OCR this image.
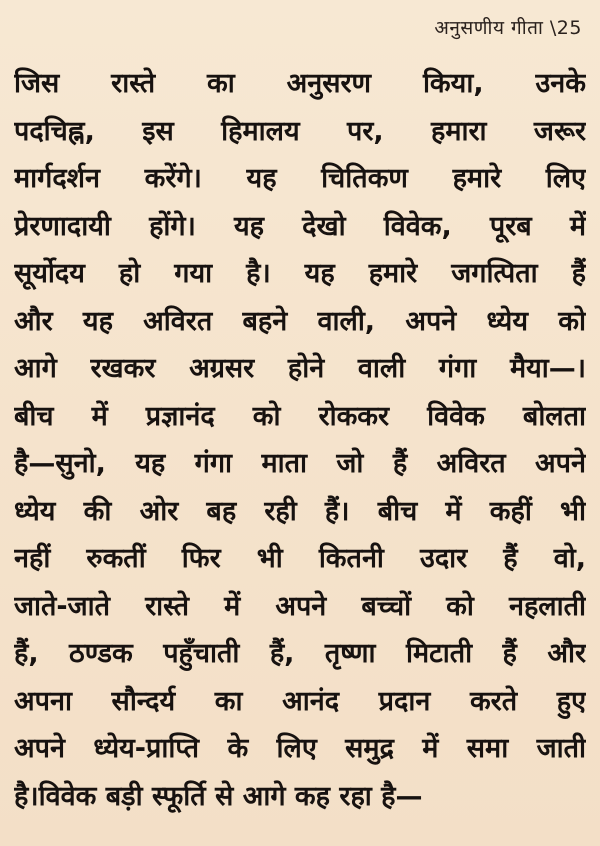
अनुसणीय गीता \25
जिस रास्ते का अनुसरण किया, उनके
पदचिह्न, इस हिमालय पर, हमारा जरूर
मार्गदर्शन करेंगे। यह चितिकण हमारे लिए
प्रेरणादायी होंगे। यह देखो विवेक, पूरब में
सूर्योदय हो गया है। यह हमारे जगत्पिता हैं
और यह अविरत बहने वाली, अपने ध्येय को
आगे रखकर अग्रसर होने वाली गंगा मैया—।
बीच में प्रज्ञानंद को रोककर विवेक बोलता
है—सुनो, यह गंगा माता जो हैं अविरत अपने
ध्येय की ओर बह रही हैं। बीच में कहीं भी
नहीं रुकतीं फिर भी कितनी उदार हैं वो,
जाते-जाते रास्ते में अपने बच्चों को नहलाती
हैं, ठण्डक पहुँचाती हैं, तृष्णा मिटाती हैं और
अपना सौन्दर्य का आनंद प्रदान करते हुए
अपने ध्येय-प्राप्ति के लिए समुद्र में समा जाती
है।विवेक बड़ी स्फूर्ति से आगे कह रहा है—
